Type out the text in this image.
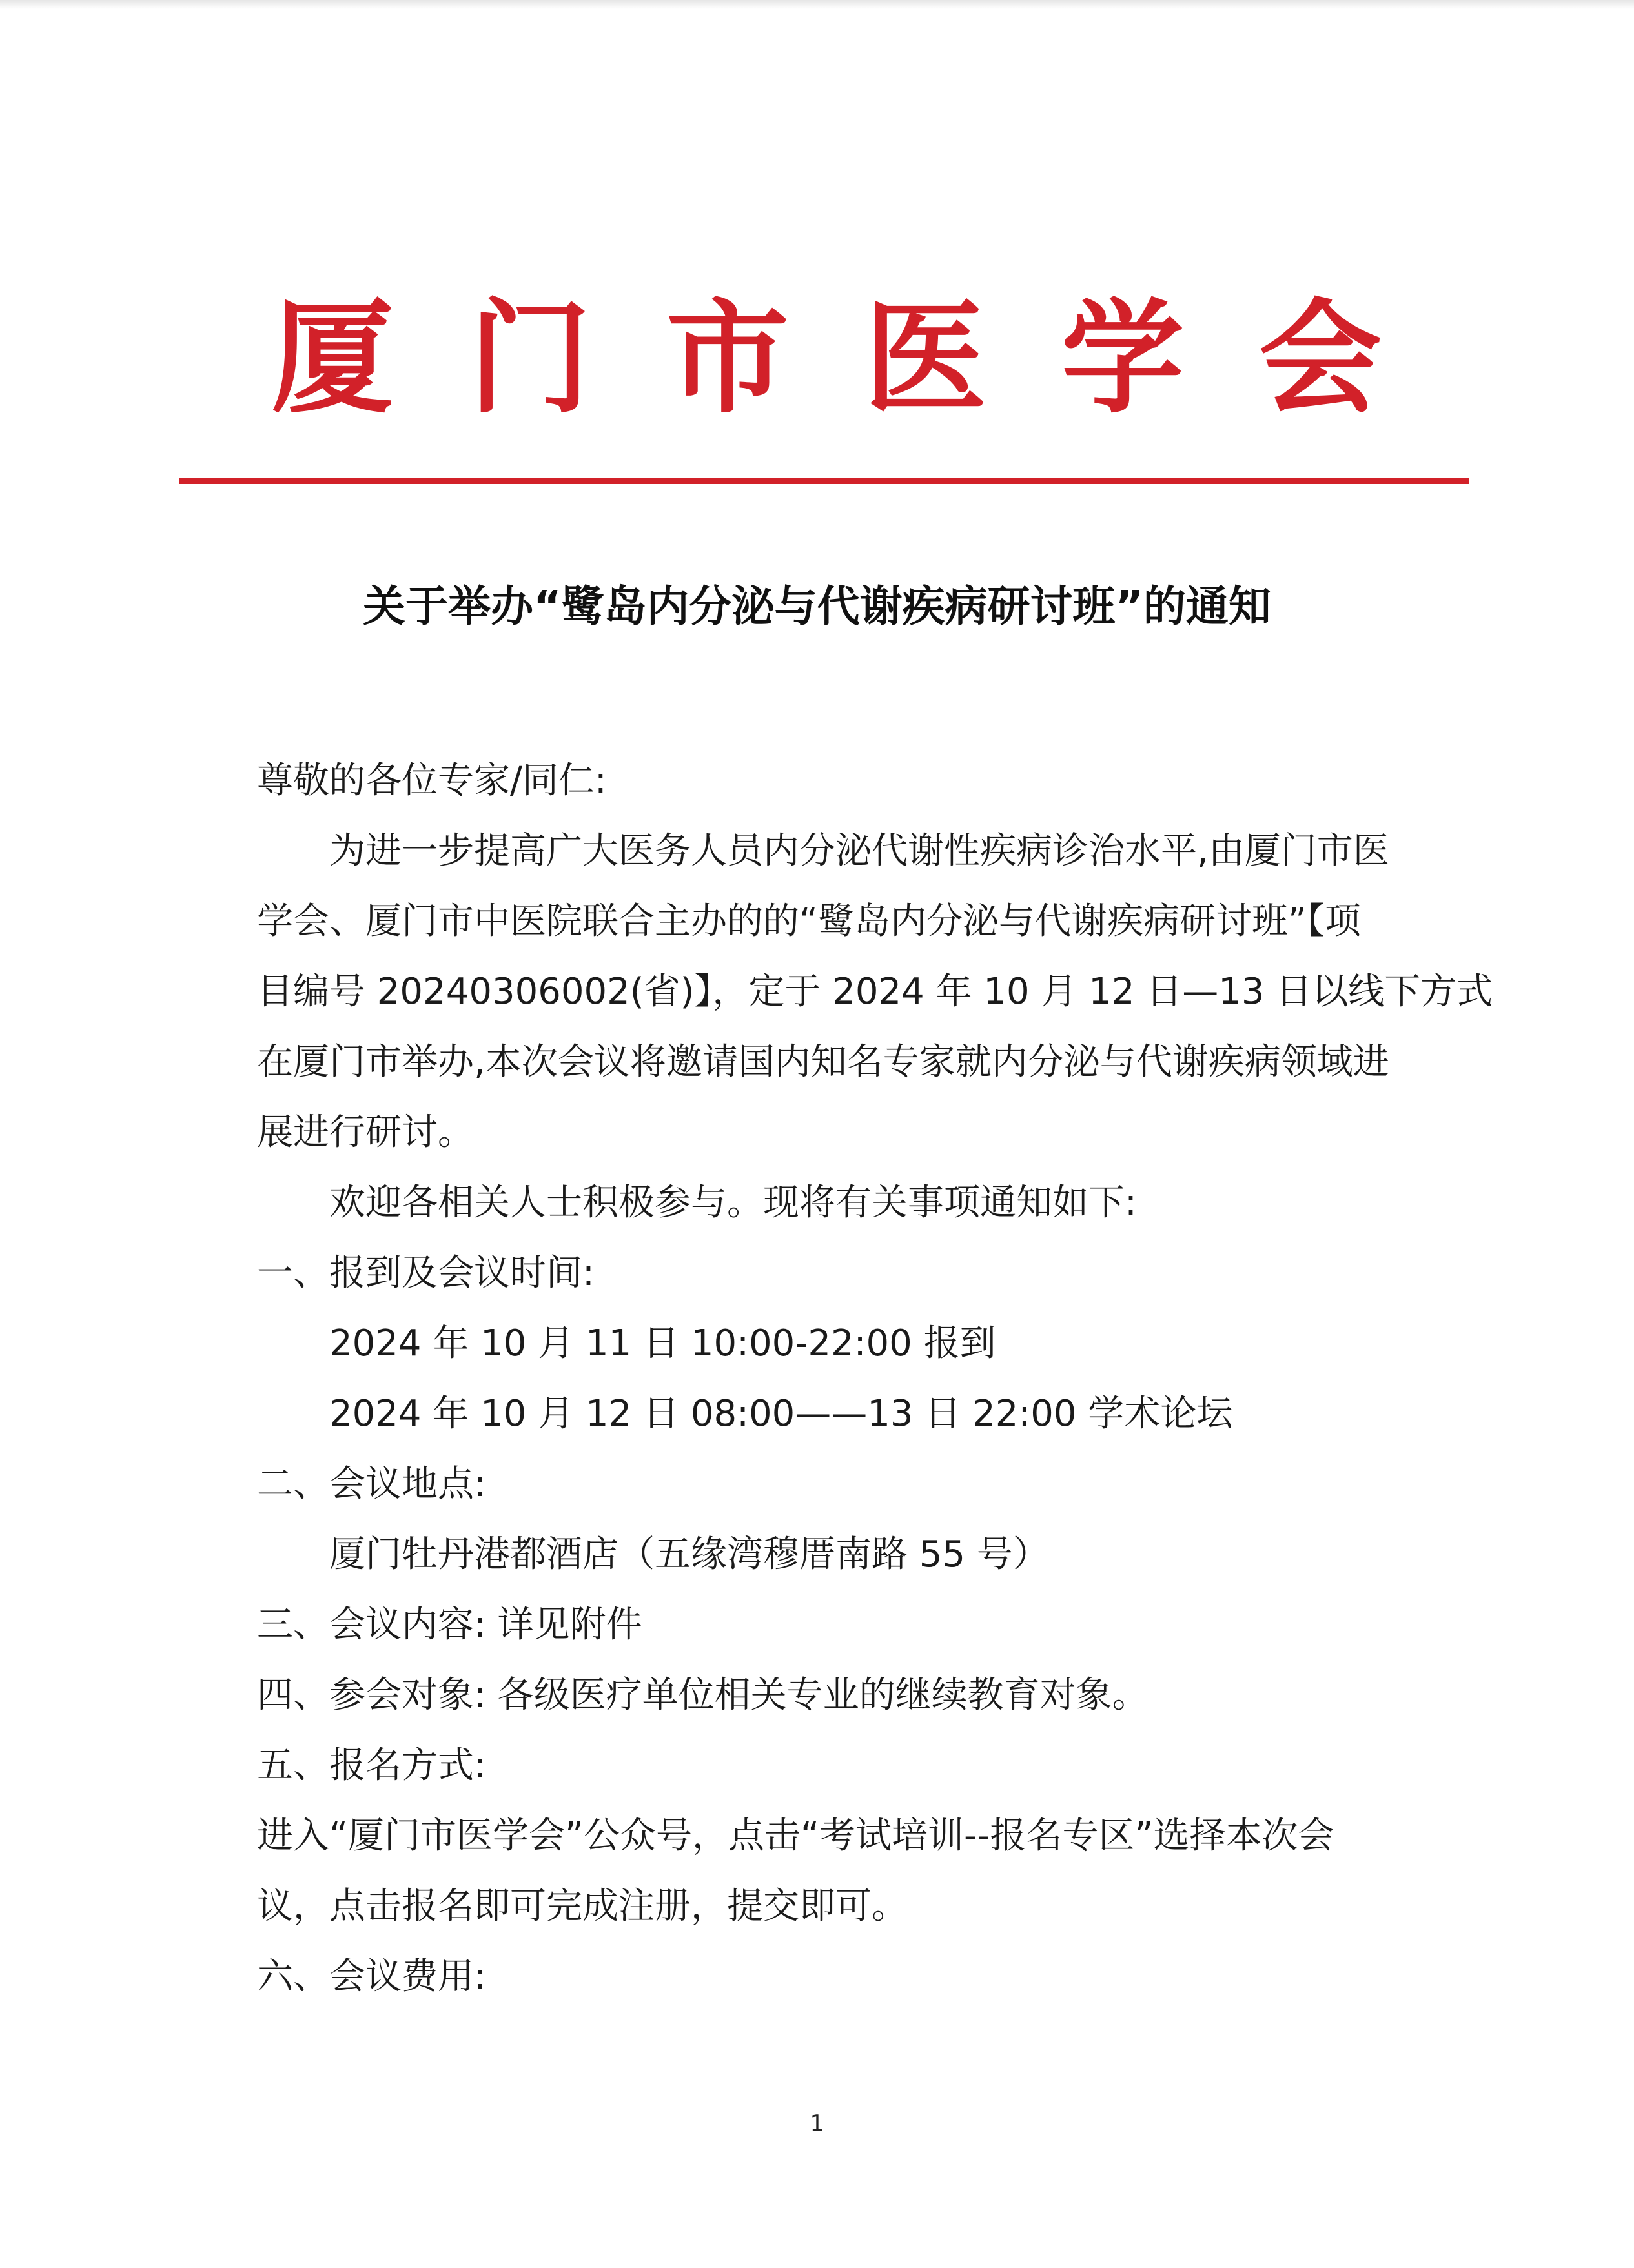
厦 门 市 医 学 会
关于举办“鹭岛内分泌与代谢疾病研讨班”的通知
尊敬的各位专家/同仁:
为进一步提高广大医务人员内分泌代谢性疾病诊治水平,由厦门市医
学会、厦门市中医院联合主办的的“鹭岛内分泌与代谢疾病研讨班”【项
目编号 20240306002(省)】，定于 2024 年 10 月 12 日—13 日以线下方式
在厦门市举办,本次会议将邀请国内知名专家就内分泌与代谢疾病领域进
展进行研讨。
欢迎各相关人士积极参与。现将有关事项通知如下:
一、报到及会议时间:
2024 年 10 月 11 日 10:00-22:00 报到
2024 年 10 月 12 日 08:00——13 日 22:00 学术论坛
二、会议地点:
厦门牡丹港都酒店（五缘湾穆厝南路 55 号）
三、会议内容: 详见附件
四、参会对象: 各级医疗单位相关专业的继续教育对象。
五、报名方式:
进入“厦门市医学会”公众号，点击“考试培训--报名专区”选择本次会
议，点击报名即可完成注册，提交即可。
六、会议费用:
1
